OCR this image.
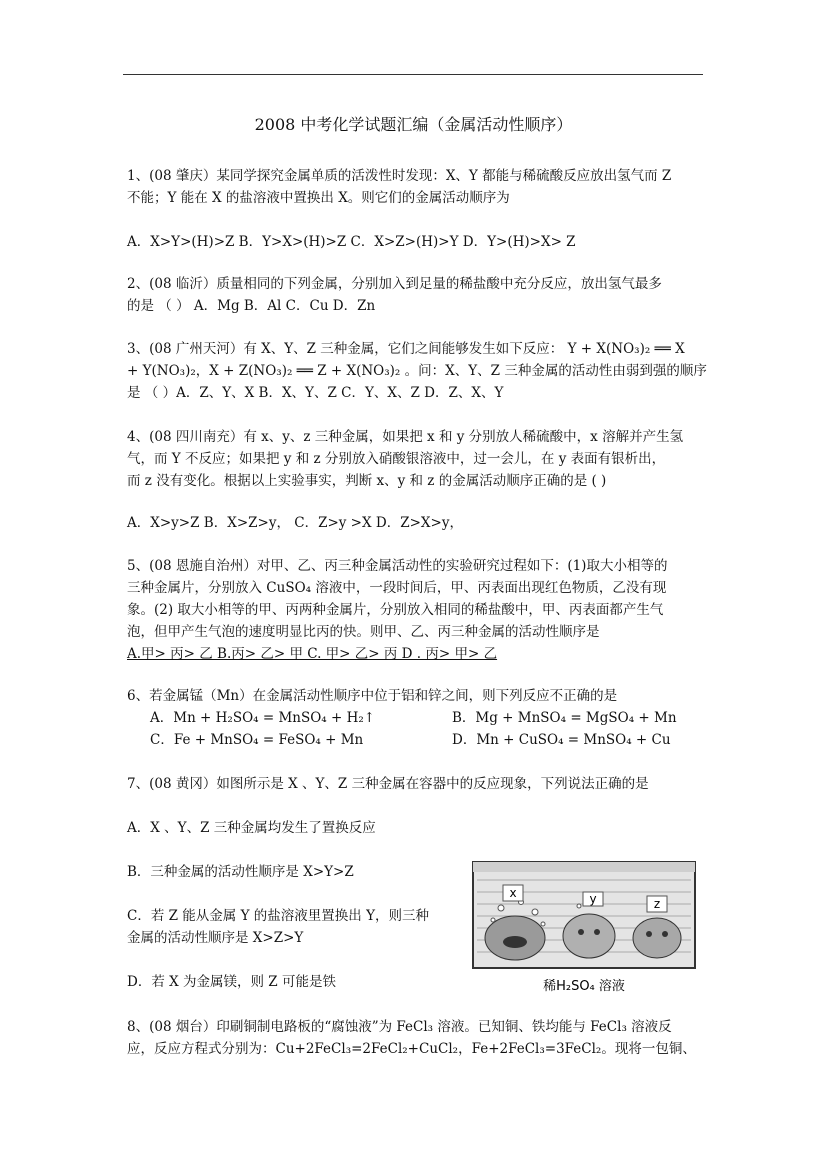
2008 中考化学试题汇编（金属活动性顺序）
1、(08 肇庆）某同学探究金属单质的活泼性时发现：X、Y 都能与稀硫酸反应放出氢气而 Z
不能；Y 能在 X 的盐溶液中置换出 X。则它们的金属活动顺序为
A．X>Y>(H)>Z B．Y>X>(H)>Z C．X>Z>(H)>Y D．Y>(H)>X> Z
2、(08 临沂）质量相同的下列金属，分别加入到足量的稀盐酸中充分反应，放出氢气最多
的是 （ ） A．Mg B．Al C．Cu D．Zn
3、(08 广州天河）有 X、Y、Z 三种金属，它们之间能够发生如下反应： Y + X(NO₃)₂ ══ X
+ Y(NO₃)₂，X + Z(NO₃)₂ ══ Z + X(NO₃)₂ 。问：X、Y、Z 三种金属的活动性由弱到强的顺序
是 （ ）A．Z、Y、X B．X、Y、Z C．Y、X、Z D．Z、X、Y
4、(08 四川南充）有 x、y、z 三种金属，如果把 x 和 y 分别放人稀硫酸中，x 溶解并产生氢
气，而 Y 不反应；如果把 y 和 z 分别放入硝酸银溶液中，过一会儿，在 y 表面有银析出，
而 z 没有变化。根据以上实验事实，判断 x、y 和 z 的金属活动顺序正确的是 ( )
A．X>y>Z B．X>Z>y， C．Z>y >X D．Z>X>y，
5、(08 恩施自治州）对甲、乙、丙三种金属活动性的实验研究过程如下：(1)取大小相等的
三种金属片，分别放入 CuSO₄ 溶液中，一段时间后，甲、丙表面出现红色物质，乙没有现
象。(2) 取大小相等的甲、丙两种金属片，分别放入相同的稀盐酸中，甲、丙表面都产生气
泡，但甲产生气泡的速度明显比丙的快。则甲、乙、丙三种金属的活动性顺序是
A.甲> 丙> 乙 B.丙> 乙> 甲 C. 甲> 乙> 丙 D . 丙> 甲> 乙
6、若金属锰（Mn）在金属活动性顺序中位于铝和锌之间，则下列反应不正确的是
A．Mn + H₂SO₄ = MnSO₄ + H₂↑	B．Mg + MnSO₄ = MgSO₄ + Mn
C．Fe + MnSO₄ = FeSO₄ + Mn	D．Mn + CuSO₄ = MnSO₄ + Cu
7、(08 黄冈）如图所示是 X 、Y、Z 三种金属在容器中的反应现象，下列说法正确的是
A．X 、Y、Z 三种金属均发生了置换反应
B．三种金属的活动性顺序是 X>Y>Z
C．若 Z 能从金属 Y 的盐溶液里置换出 Y，则三种
金属的活动性顺序是 X>Z>Y
D．若 X 为金属镁，则 Z 可能是铁
x	y	z
稀H₂SO₄ 溶液
8、(08 烟台）印刷铜制电路板的“腐蚀液”为 FeCl₃ 溶液。已知铜、铁均能与 FeCl₃ 溶液反
应，反应方程式分别为：Cu+2FeCl₃=2FeCl₂+CuCl₂，Fe+2FeCl₃=3FeCl₂。现将一包铜、
